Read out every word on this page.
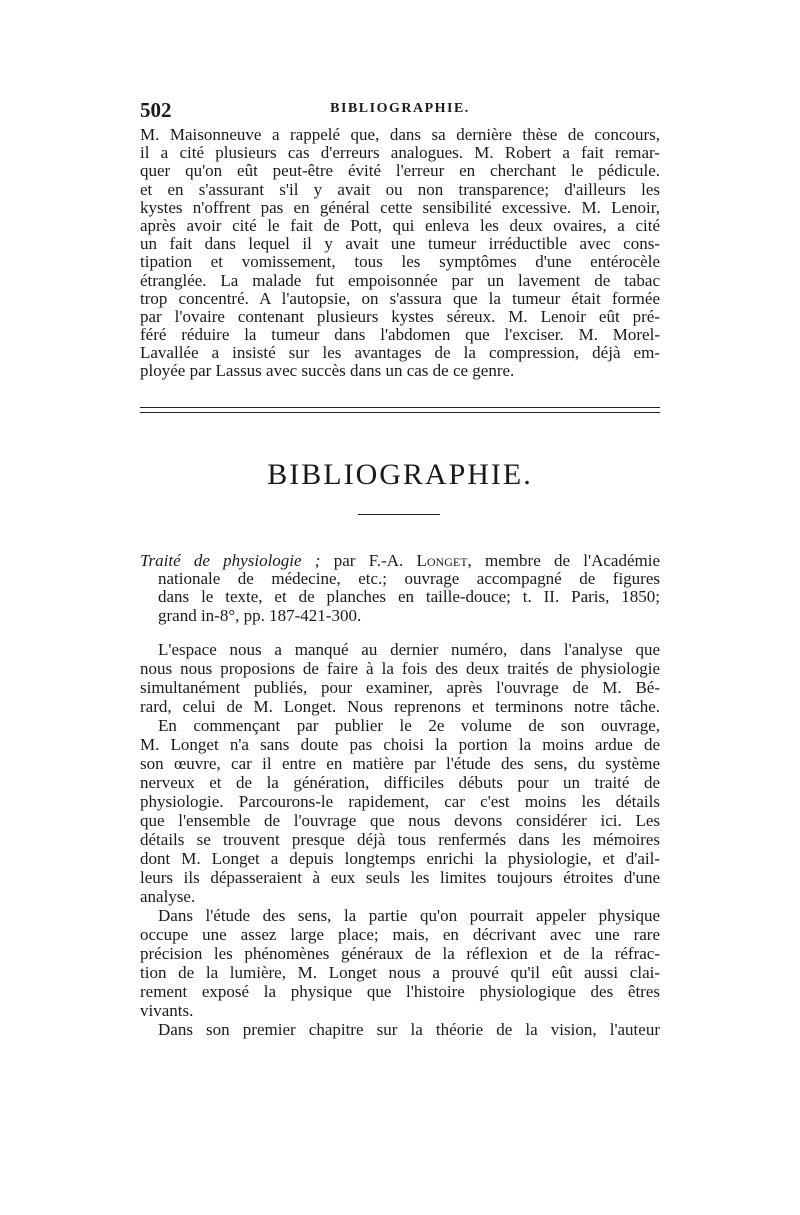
502	BIBLIOGRAPHIE.
M. Maisonneuve a rappelé que, dans sa dernière thèse de concours,
il a cité plusieurs cas d'erreurs analogues. M. Robert a fait remar-
quer qu'on eût peut-être évité l'erreur en cherchant le pédicule.
et en s'assurant s'il y avait ou non transparence; d'ailleurs les
kystes n'offrent pas en général cette sensibilité excessive. M. Lenoir,
après avoir cité le fait de Pott, qui enleva les deux ovaires, a cité
un fait dans lequel il y avait une tumeur irréductible avec cons-
tipation et vomissement, tous les symptômes d'une entérocèle
étranglée. La malade fut empoisonnée par un lavement de tabac
trop concentré. A l'autopsie, on s'assura que la tumeur était formée
par l'ovaire contenant plusieurs kystes séreux. M. Lenoir eût pré-
féré réduire la tumeur dans l'abdomen que l'exciser. M. Morel-
Lavallée a insisté sur les avantages de la compression, déjà em-
ployée par Lassus avec succès dans un cas de ce genre.
BIBLIOGRAPHIE.
Traité de physiologie ; par F.-A. Longet, membre de l'Académie
nationale de médecine, etc.; ouvrage accompagné de figures
dans le texte, et de planches en taille-douce; t. II. Paris, 1850;
grand in-8°, pp. 187-421-300.
L'espace nous a manqué au dernier numéro, dans l'analyse que
nous nous proposions de faire à la fois des deux traités de physiologie
simultanément publiés, pour examiner, après l'ouvrage de M. Bé-
rard, celui de M. Longet. Nous reprenons et terminons notre tâche.
En commençant par publier le 2e volume de son ouvrage,
M. Longet n'a sans doute pas choisi la portion la moins ardue de
son œuvre, car il entre en matière par l'étude des sens, du système
nerveux et de la génération, difficiles débuts pour un traité de
physiologie. Parcourons-le rapidement, car c'est moins les détails
que l'ensemble de l'ouvrage que nous devons considérer ici. Les
détails se trouvent presque déjà tous renfermés dans les mémoires
dont M. Longet a depuis longtemps enrichi la physiologie, et d'ail-
leurs ils dépasseraient à eux seuls les limites toujours étroites d'une
analyse.
Dans l'étude des sens, la partie qu'on pourrait appeler physique
occupe une assez large place; mais, en décrivant avec une rare
précision les phénomènes généraux de la réflexion et de la réfrac-
tion de la lumière, M. Longet nous a prouvé qu'il eût aussi clai-
rement exposé la physique que l'histoire physiologique des êtres
vivants.
Dans son premier chapitre sur la théorie de la vision, l'auteur
